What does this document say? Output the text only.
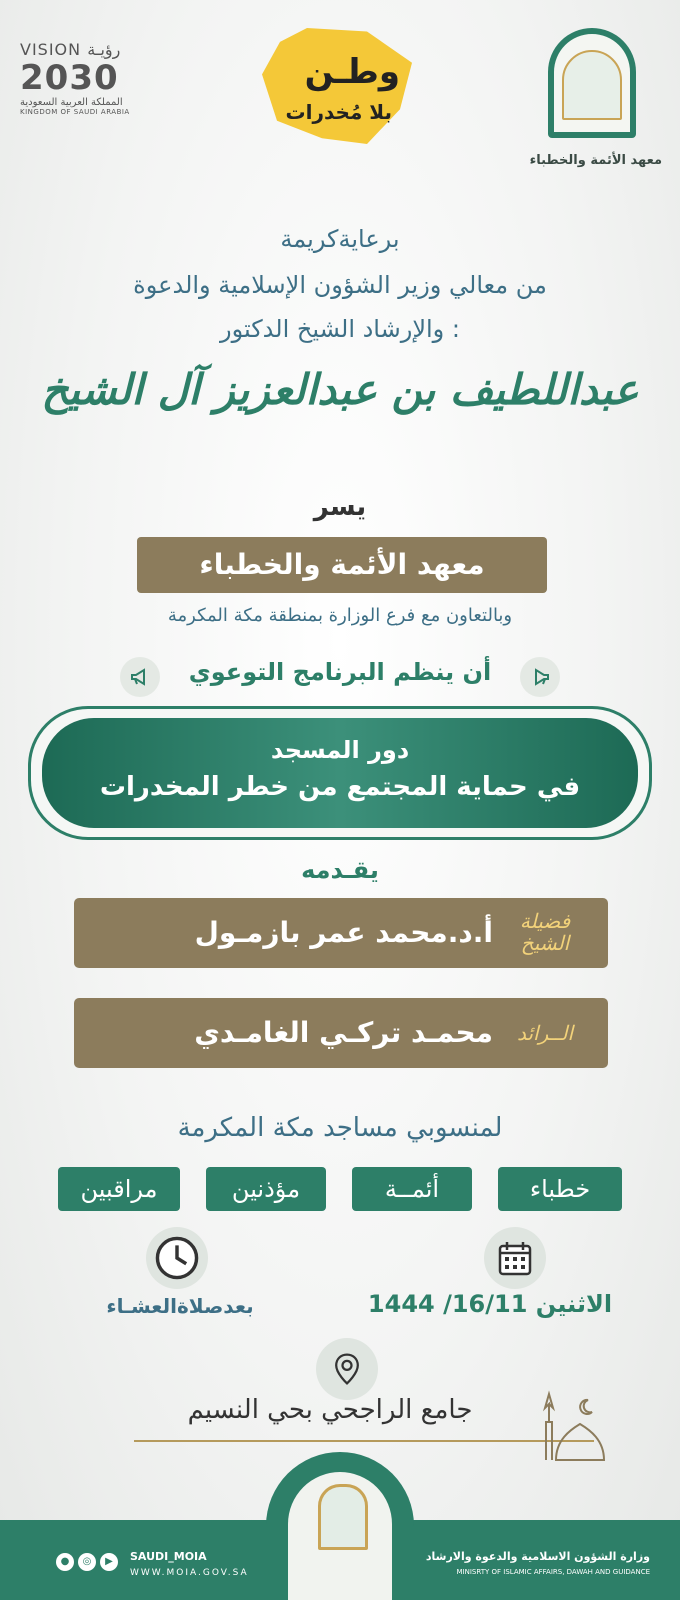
VISION رؤيـة
2030
المملكة العربية السعودية
KINGDOM OF SAUDI ARABIA
وطـن
بلا مُخدرات
معهد الأئمة والخطباء
برعايةكريمة
من معالي وزير الشؤون الإسلامية والدعوة
والإرشاد الشيخ الدكتور :
عبداللطيف بن عبدالعزيز آل الشيخ
يسر
معهد الأئمة والخطباء
وبالتعاون مع فرع الوزارة بمنطقة مكة المكرمة
أن ينظم البرنامج التوعوي
دور المسجد
في حماية المجتمع من خطر المخدرات
يقـدمه
فضيلة الشيخ
أ.د.محمد عمر بازمـول
الــرائد
محمـد تركـي الغامـدي
لمنسوبي مساجد مكة المكرمة
خطباء
أئمــة
مؤذنين
مراقبين
بعدصلاةالعشـاء	الاثنين 16/11/ 1444
جامع الراجحي بحي النسيم
●	◎	▶	SAUDI_MOIA
WWW.MOIA.GOV.SA
وزارة الشؤون الاسلامية والدعوة والارشاد
MINISRTY OF ISLAMIC AFFAIRS, DAWAH AND GUIDANCE
